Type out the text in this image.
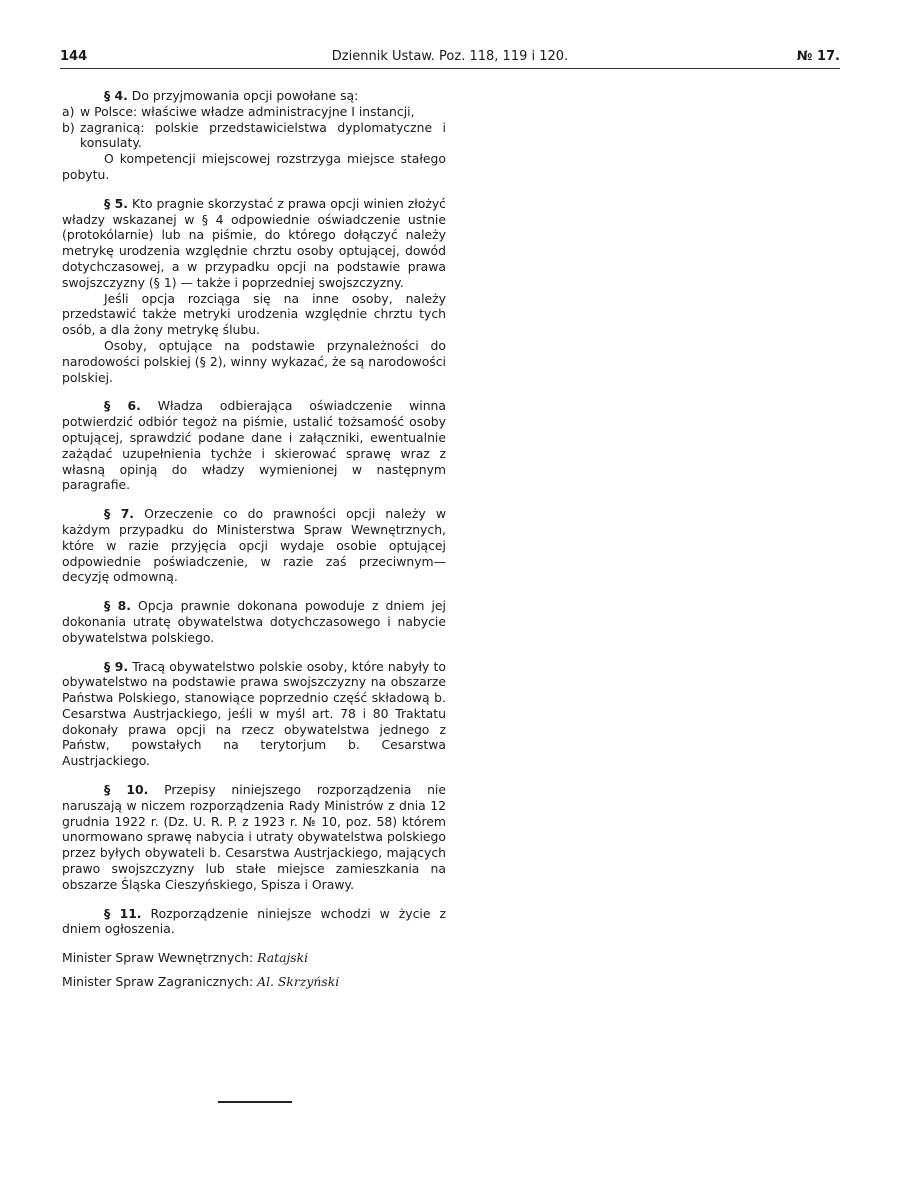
144	Dziennik Ustaw. Poz. 118, 119 i 120.	№ 17.

§ 4. Do przyjmowania opcji powołane są:

a) w Polsce: właściwe władze administracyjne I instancji,
b) zagranicą: polskie przedstawicielstwa dyplomatyczne i konsulaty.

O kompetencji miejscowej rozstrzyga miejsce stałego pobytu.

§ 5. Kto pragnie skorzystać z prawa opcji winien złożyć władzy wskazanej w § 4 odpowiednie oświadczenie ustnie (protokólarnie) lub na piśmie, do którego dołączyć należy metrykę urodzenia względnie chrztu osoby optującej, dowód dotychczasowej, a w przypadku opcji na podstawie prawa swojszczyzny (§ 1) — także i poprzedniej swojszczyzny.

Jeśli opcja rozciąga się na inne osoby, należy przedstawić także metryki urodzenia względnie chrztu tych osób, a dla żony metrykę ślubu.

Osoby, optujące na podstawie przynależności do narodowości polskiej (§ 2), winny wykazać, że są narodowości polskiej.

§ 6. Władza odbierająca oświadczenie winna potwierdzić odbiór tegoż na piśmie, ustalić tożsamość osoby optującej, sprawdzić podane dane i załączniki, ewentualnie zażądać uzupełnienia tychże i skierować sprawę wraz z własną opinją do władzy wymienionej w następnym paragrafie.

§ 7. Orzeczenie co do prawności opcji należy w każdym przypadku do Ministerstwa Spraw Wewnętrznych, które w razie przyjęcia opcji wydaje osobie optującej odpowiednie poświadczenie, w razie zaś przeciwnym—decyzję odmowną.

§ 8. Opcja prawnie dokonana powoduje z dniem jej dokonania utratę obywatelstwa dotychczasowego i nabycie obywatelstwa polskiego.

§ 9. Tracą obywatelstwo polskie osoby, które nabyły to obywatelstwo na podstawie prawa swojszczyzny na obszarze Państwa Polskiego, stanowiące poprzednio część składową b. Cesarstwa Austrjackiego, jeśli w myśl art. 78 i 80 Traktatu dokonały prawa opcji na rzecz obywatelstwa jednego z Państw, powstałych na terytorjum b. Cesarstwa Austrjackiego.

§ 10. Przepisy niniejszego rozporządzenia nie naruszają w niczem rozporządzenia Rady Ministrów z dnia 12 grudnia 1922 r. (Dz. U. R. P. z 1923 r. № 10, poz. 58) którem unormowano sprawę nabycia i utraty obywatelstwa polskiego przez byłych obywateli b. Cesarstwa Austrjackiego, mających prawo swojszczyzny lub stałe miejsce zamieszkania na obszarze Śląska Cieszyńskiego, Spisza i Orawy.

§ 11. Rozporządzenie niniejsze wchodzi w życie z dniem ogłoszenia.

Minister Spraw Wewnętrznych: Ratajski

Minister Spraw Zagranicznych: Al. Skrzyński
